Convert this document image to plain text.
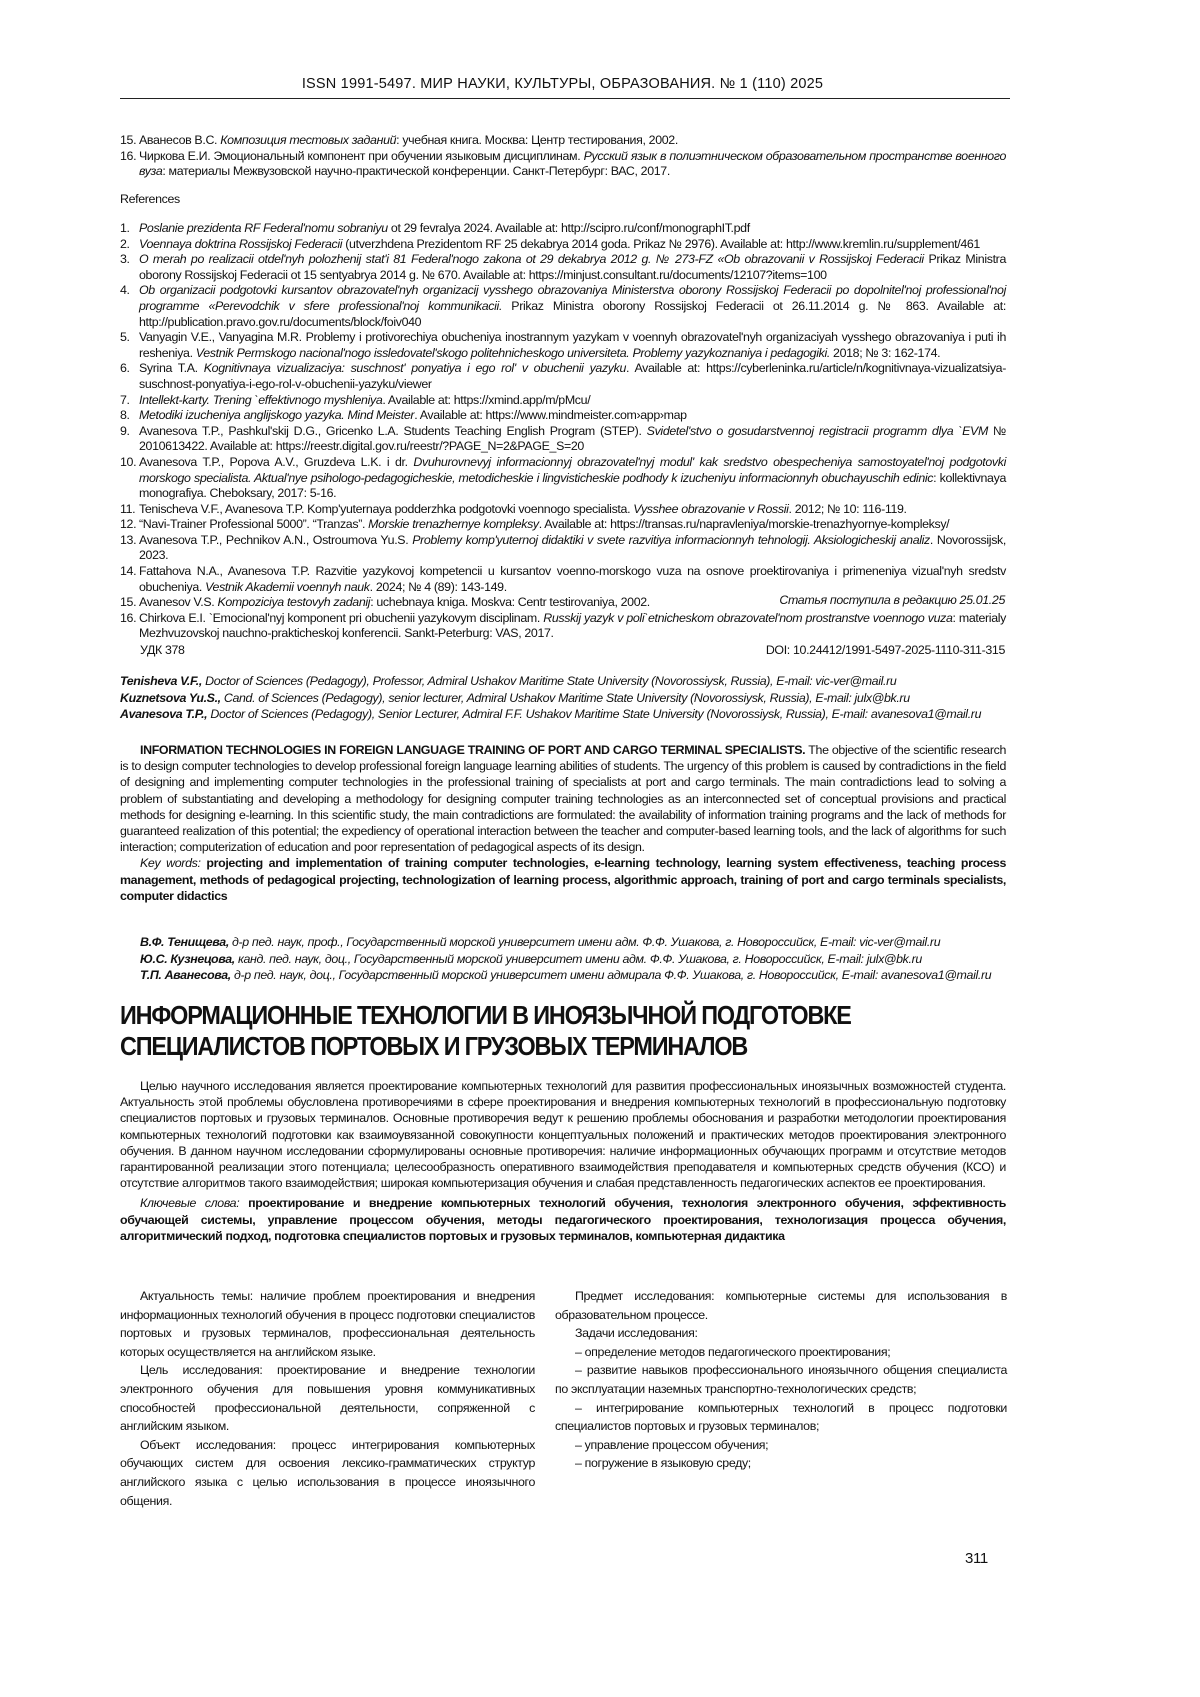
ISSN 1991-5497. МИР НАУКИ, КУЛЬТУРЫ, ОБРАЗОВАНИЯ. № 1 (110) 2025
15. Аванесов В.С. Композиция тестовых заданий: учебная книга. Москва: Центр тестирования, 2002.
16. Чиркова Е.И. Эмоциональный компонент при обучении языковым дисциплинам. Русский язык в полиэтническом образовательном пространстве военного вуза: материалы Межвузовской научно-практической конференции. Санкт-Петербург: ВАС, 2017.
References
1. Poslanie prezidenta RF Federal'nomu sobraniyu ot 29 fevralya 2024. Available at: http://scipro.ru/conf/monographIT.pdf
2. Voennaya doktrina Rossijskoj Federacii (utverzhdena Prezidentom RF 25 dekabrya 2014 goda. Prikaz № 2976). Available at: http://www.kremlin.ru/supplement/461
3. O merah po realizacii otdel'nyh polozhenij stat'i 81 Federal'nogo zakona ot 29 dekabrya 2012 g. № 273-FZ «Ob obrazovanii v Rossijskoj Federacii Prikaz Ministra oborony Rossijskoj Federacii ot 15 sentyabrya 2014 g. № 670. Available at: https://minjust.consultant.ru/documents/12107?items=100
4. Ob organizacii podgotovki kursantov obrazovatel'nyh organizacij vysshego obrazovaniya Ministerstva oborony Rossijskoj Federacii po dopolnitel'noj professional'noj programme «Perevodchik v sfere professional'noj kommunikacii. Prikaz Ministra oborony Rossijskoj Federacii ot 26.11.2014 g. № 863. Available at: http://publication.pravo.gov.ru/documents/block/foiv040
5. Vanyagin V.E., Vanyagina M.R. Problemy i protivorechiya obucheniya inostrannym yazykam v voennyh obrazovatel'nyh organizaciyah vysshego obrazovaniya i puti ih resheniya. Vestnik Permskogo nacional'nogo issledovatel'skogo politehnicheskogo universiteta. Problemy yazykoznaniya i pedagogiki. 2018; № 3: 162-174.
6. Syrina T.A. Kognitivnaya vizualizaciya: suschnost' ponyatiya i ego rol' v obuchenii yazyku. Available at: https://cyberleninka.ru/article/n/kognitivnaya-vizualizatsiya-suschnost-ponyatiya-i-ego-rol-v-obuchenii-yazyku/viewer
7. Intellekt-karty. Trening `effektivnogo myshleniya. Available at: https://xmind.app/m/pMcu/
8. Metodiki izucheniya anglijskogo yazyka. Mind Meister. Available at: https://www.mindmeister.com›app›map
9. Avanesova T.P., Pashkul'skij D.G., Gricenko L.A. Students Teaching English Program (STEP). Svidetel'stvo o gosudarstvennoj registracii programm dlya `EVM № 2010613422. Available at: https://reestr.digital.gov.ru/reestr/?PAGE_N=2&PAGE_S=20
10. Avanesova T.P., Popova A.V., Gruzdeva L.K. i dr. Dvuhurovnevyj informacionnyj obrazovatel'nyj modul' kak sredstvo obespecheniya samostoyatel'noj podgotovki morskogo specialista. Aktual'nye psihologo-pedagogicheskie, metodicheskie i lingvisticheskie podhody k izucheniyu informacionnyh obuchayuschih edinic: kollektivnaya monografiya. Cheboksary, 2017: 5-16.
11. Tenischeva V.F., Avanesova T.P. Komp'yuternaya podderzhka podgotovki voennogo specialista. Vysshee obrazovanie v Rossii. 2012; № 10: 116-119.
12. “Navi-Trainer Professional 5000”. “Tranzas”. Morskie trenazhernye kompleksy. Available at: https://transas.ru/napravleniya/morskie-trenazhyornye-kompleksy/
13. Avanesova T.P., Pechnikov A.N., Ostroumova Yu.S. Problemy komp'yuternoj didaktiki v svete razvitiya informacionnyh tehnologij. Aksiologicheskij analiz. Novorossijsk, 2023.
14. Fattahova N.A., Avanesova T.P. Razvitie yazykovoj kompetencii u kursantov voenno-morskogo vuza na osnove proektirovaniya i primeneniya vizual'nyh sredstv obucheniya. Vestnik Akademii voennyh nauk. 2024; № 4 (89): 143-149.
15. Avanesov V.S. Kompoziciya testovyh zadanij: uchebnaya kniga. Moskva: Centr testirovaniya, 2002.
16. Chirkova E.I. `Emocional'nyj komponent pri obuchenii yazykovym disciplinam. Russkij yazyk v poli`etnicheskom obrazovatel'nom prostranstve voennogo vuza: materialy Mezhvuzovskoj nauchno-prakticheskoj konferencii. Sankt-Peterburg: VAS, 2017.
Статья поступила в редакцию 25.01.25
УДК 378	DOI: 10.24412/1991-5497-2025-1110-311-315
Tenisheva V.F., Doctor of Sciences (Pedagogy), Professor, Admiral Ushakov Maritime State University (Novorossiysk, Russia), E-mail: vic-ver@mail.ru
Kuznetsova Yu.S., Cand. of Sciences (Pedagogy), senior lecturer, Admiral Ushakov Maritime State University (Novorossiysk, Russia), E-mail: julx@bk.ru
Avanesova T.P., Doctor of Sciences (Pedagogy), Senior Lecturer, Admiral F.F. Ushakov Maritime State University (Novorossiysk, Russia), E-mail: avanesova1@mail.ru

INFORMATION TECHNOLOGIES IN FOREIGN LANGUAGE TRAINING OF PORT AND CARGO TERMINAL SPECIALISTS. The objective of the scientific research is to design computer technologies to develop professional foreign language learning abilities of students. The urgency of this problem is caused by contradictions in the field of designing and implementing computer technologies in the professional training of specialists at port and cargo terminals. The main contradictions lead to solving a problem of substantiating and developing a methodology for designing computer training technologies as an interconnected set of conceptual provisions and practical methods for designing e-learning. In this scientific study, the main contradictions are formulated: the availability of information training programs and the lack of methods for guaranteed realization of this potential; the expediency of operational interaction between the teacher and computer-based learning tools, and the lack of algorithms for such interaction; computerization of education and poor representation of pedagogical aspects of its design.

Key words: projecting and implementation of training computer technologies, e-learning technology, learning system effectiveness, teaching process management, methods of pedagogical projecting, technologization of learning process, algorithmic approach, training of port and cargo terminals specialists, computer didactics

В.Ф. Тенищева, д-р пед. наук, проф., Государственный морской университет имени адм. Ф.Ф. Ушакова, г. Новороссийск, E-mail: vic-ver@mail.ru
Ю.С. Кузнецова, канд. пед. наук, доц., Государственный морской университет имени адм. Ф.Ф. Ушакова, г. Новороссийск, E-mail: julx@bk.ru
Т.П. Аванесова, д-р пед. наук, доц., Государственный морской университет имени адмирала Ф.Ф. Ушакова, г. Новороссийск, E-mail: avanesova1@mail.ru
ИНФОРМАЦИОННЫЕ ТЕХНОЛОГИИ В ИНОЯЗЫЧНОЙ ПОДГОТОВКЕ
СПЕЦИАЛИСТОВ ПОРТОВЫХ И ГРУЗОВЫХ ТЕРМИНАЛОВ

Целью научного исследования является проектирование компьютерных технологий для развития профессиональных иноязычных возможностей студента. Актуальность этой проблемы обусловлена противоречиями в сфере проектирования и внедрения компьютерных технологий в профессиональную подготовку специалистов портовых и грузовых терминалов. Основные противоречия ведут к решению проблемы обоснования и разработки методологии проектирования компьютерных технологий подготовки как взаимоувязанной совокупности концептуальных положений и практических методов проектирования электронного обучения. В данном научном исследовании сформулированы основные противоречия: наличие информационных обучающих программ и отсутствие методов гарантированной реализации этого потенциала; целесообразность оперативного взаимодействия преподавателя и компьютерных средств обучения (КСО) и отсутствие алгоритмов такого взаимодействия; широкая компьютеризация обучения и слабая представленность педагогических аспектов ее проектирования.

Ключевые слова: проектирование и внедрение компьютерных технологий обучения, технология электронного обучения, эффективность обучающей системы, управление процессом обучения, методы педагогического проектирования, технологизация процесса обучения, алгоритмический подход, подготовка специалистов портовых и грузовых терминалов, компьютерная дидактика

Актуальность темы: наличие проблем проектирования и внедрения информационных технологий обучения в процесс подготовки специалистов портовых и грузовых терминалов, профессиональная деятельность которых осуществляется на английском языке.

Цель исследования: проектирование и внедрение технологии электронного обучения для повышения уровня коммуникативных способностей профессиональной деятельности, сопряженной с английским языком.

Объект исследования: процесс интегрирования компьютерных обучающих систем для освоения лексико-грамматических структур английского языка с целью использования в процессе иноязычного общения.

Предмет исследования: компьютерные системы для использования в образовательном процессе.

Задачи исследования:

– определение методов педагогического проектирования;

– развитие навыков профессионального иноязычного общения специалиста по эксплуатации наземных транспортно-технологических средств;

– интегрирование компьютерных технологий в процесс подготовки специалистов портовых и грузовых терминалов;

– управление процессом обучения;

– погружение в языковую среду;

311
